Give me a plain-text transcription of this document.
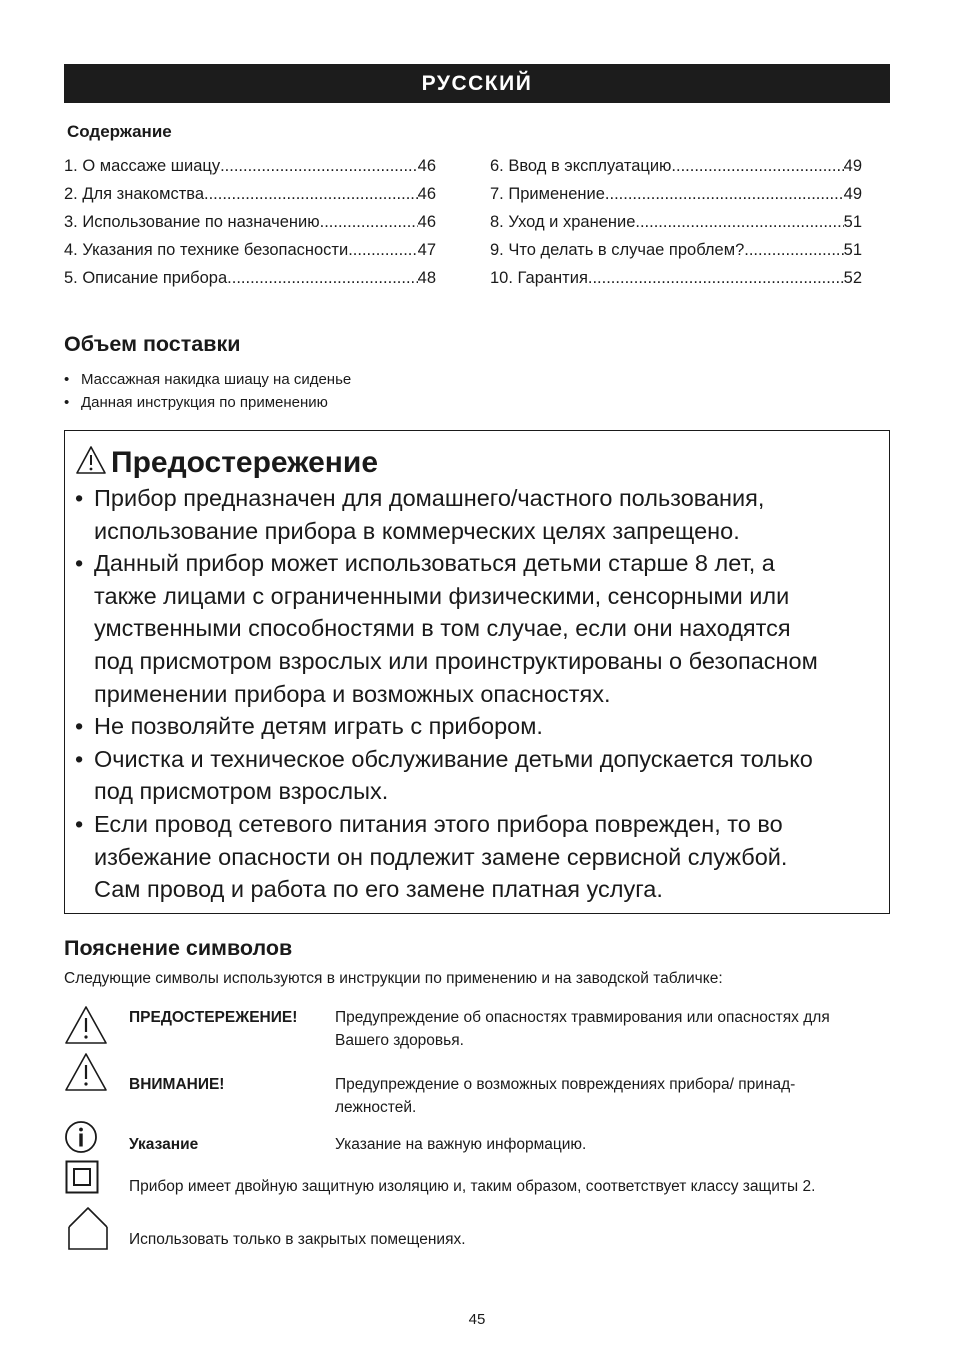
РУССКИЙ
Содержание
1. О массаже шиацу .....	46
2. Для знакомства .....	46
3. Использование по назначению .....	46
4. Указания по технике безопасности .....	47
5. Описание прибора .....	48
6. Ввод в эксплуатацию .....	49
7. Применение .....	49
8. Уход и хранение .....	51
9. Что делать в случае проблем? .....	51
10. Гарантия .....	52
Объем поставки
• Массажная накидка шиацу на сиденье
• Данная инструкция по применению
Предостережение
• Прибор предназначен для домашнего/частного пользования,
использование прибора в коммерческих целях запрещено.
• Данный прибор может использоваться детьми старше 8 лет, а
также лицами с ограниченными физическими, сенсорными или
умственными способностями в том случае, если они находятся
под присмотром взрослых или проинструктированы о безопасном
применении прибора и возможных опасностях.
• Не позволяйте детям играть с прибором.
• Очистка и техническое обслуживание детьми допускается только
под присмотром взрослых.
• Если провод сетевого питания этого прибора поврежден, то во
избежание опасности он подлежит замене сервисной службой.
Сам провод и работа по его замене платная услуга.
Пояснение символов
Следующие символы используются в инструкции по применению и на заводской табличке:
ПРЕДОСТЕРЕЖЕНИЕ! Предупреждение об опасностях травмирования или опасностях для
Вашего здоровья.
ВНИМАНИЕ!	Предупреждение о возможных повреждениях прибора/ принад-
лежностей.
Указание	Указание на важную информацию.
Прибор имеет двойную защитную изоляцию и, таким образом, соответствует классу защиты 2.
Использовать только в закрытых помещениях.
45
